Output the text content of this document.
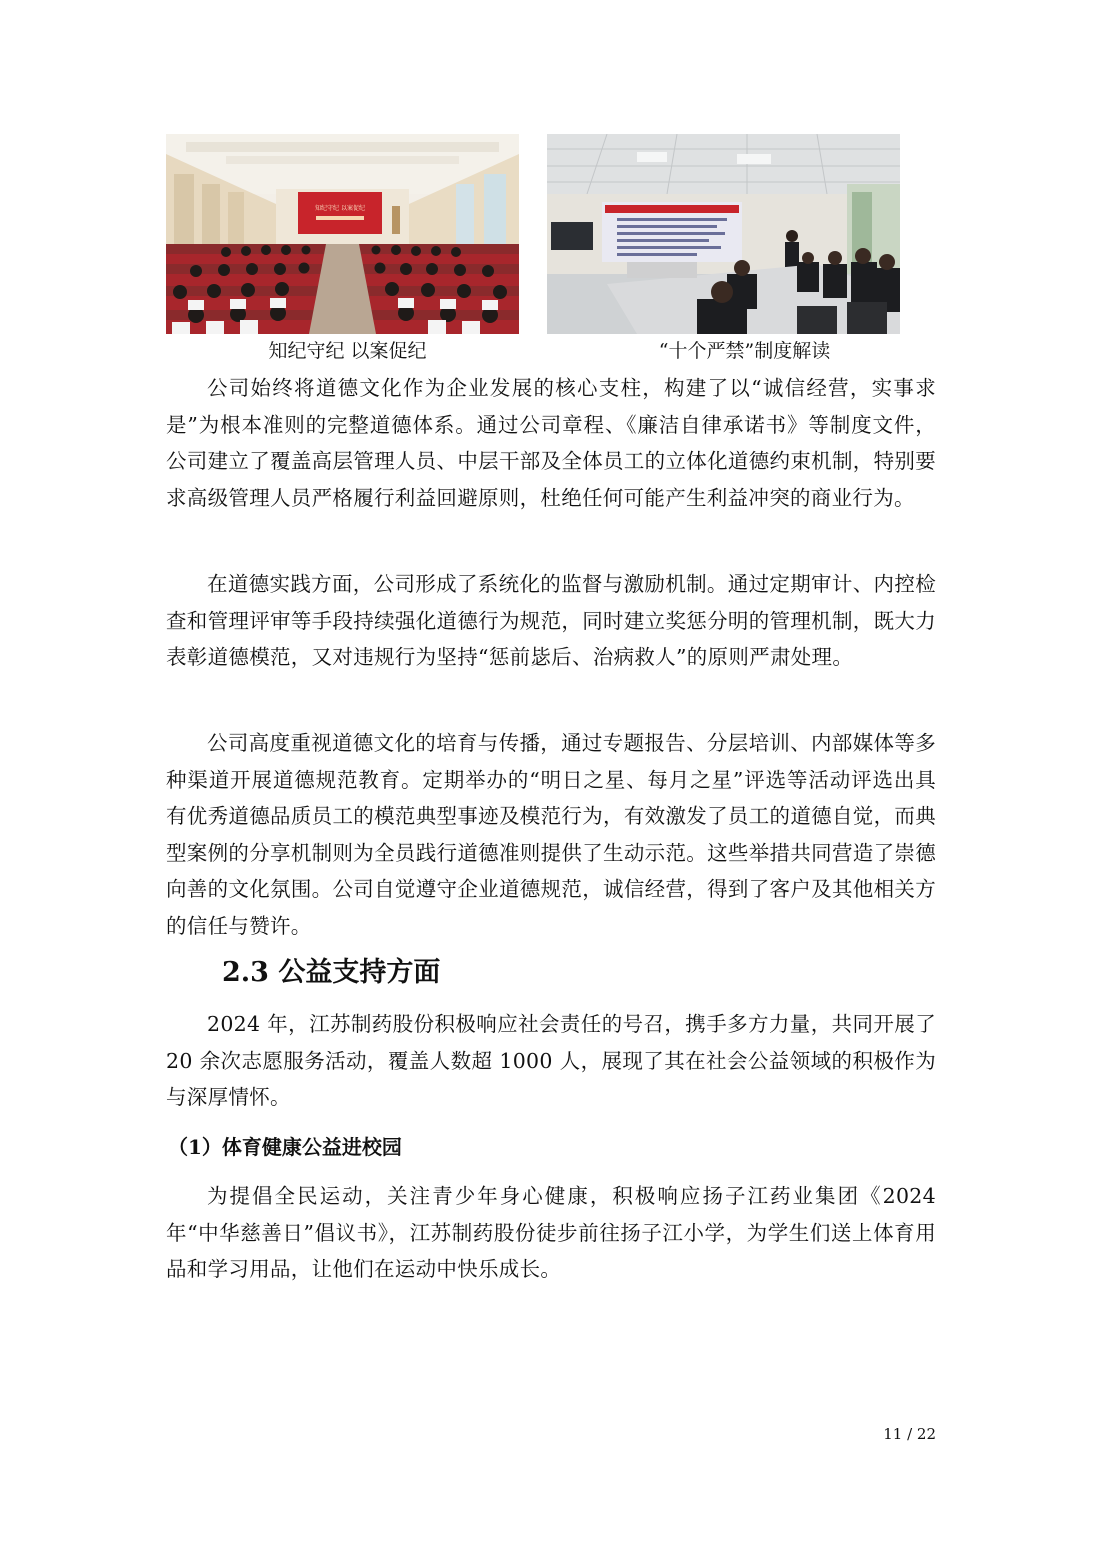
知纪守纪 以案促纪
知纪守纪 以案促纪	“十个严禁”制度解读

公司始终将道德文化作为企业发展的核心支柱，构建了以“诚信经营，实事求是”为根本准则的完整道德体系。通过公司章程、《廉洁自律承诺书》等制度文件，公司建立了覆盖高层管理人员、中层干部及全体员工的立体化道德约束机制，特别要求高级管理人员严格履行利益回避原则，杜绝任何可能产生利益冲突的商业行为。

在道德实践方面，公司形成了系统化的监督与激励机制。通过定期审计、内控检查和管理评审等手段持续强化道德行为规范，同时建立奖惩分明的管理机制，既大力表彰道德模范，又对违规行为坚持“惩前毖后、治病救人”的原则严肃处理。

公司高度重视道德文化的培育与传播，通过专题报告、分层培训、内部媒体等多种渠道开展道德规范教育。定期举办的“明日之星、每月之星”评选等活动评选出具有优秀道德品质员工的模范典型事迹及模范行为，有效激发了员工的道德自觉，而典型案例的分享机制则为全员践行道德准则提供了生动示范。这些举措共同营造了崇德向善的文化氛围。公司自觉遵守企业道德规范，诚信经营，得到了客户及其他相关方的信任与赞许。

2.3 公益支持方面

2024 年，江苏制药股份积极响应社会责任的号召，携手多方力量，共同开展了 20 余次志愿服务活动，覆盖人数超 1000 人，展现了其在社会公益领域的积极作为与深厚情怀。

（1）体育健康公益进校园

为提倡全民运动，关注青少年身心健康，积极响应扬子江药业集团《2024 年“中华慈善日”倡议书》，江苏制药股份徒步前往扬子江小学，为学生们送上体育用品和学习用品，让他们在运动中快乐成长。

11 / 22
